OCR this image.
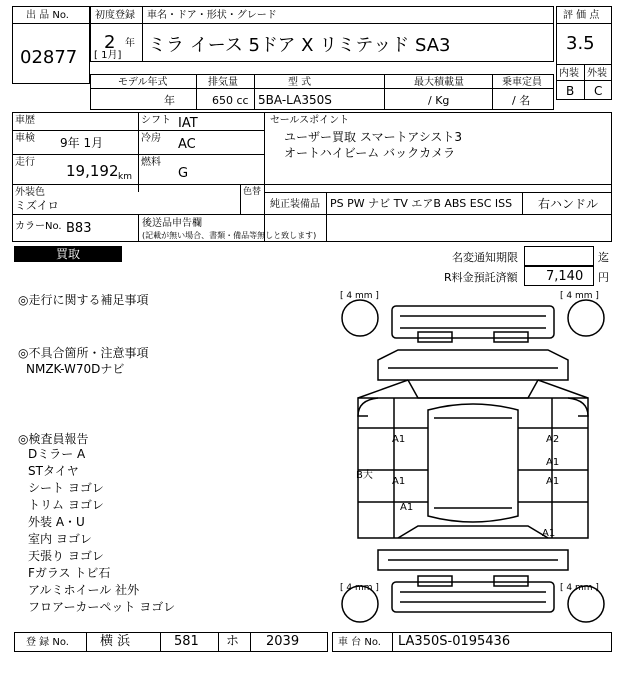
出 品 No.
02877
初度登録 車名・ドア・形状・グレード
2 年
[ 1月] ミラ イース 5ドア X リミテッド SA3
評 価 点
3.5
内装 外装
B C
モデル年式	排気量	型 式	最大積載量	乗車定員
年	650 cc 5BA-LA350S	/ Kg	/ 名
車歴	シフト IAT	セールスポイント
ユーザー買取 スマートアシスト3
オートハイビーム バックカメラ
車検 9年 1月	冷房 AC
走行 19,192 km
燃料
G
外装色
ミズイロ
色替
純正装備品 PS PW ナビ TV エアB ABS ESC ISS 右ハンドル
カラーNo. B83	後送品申告欄
(記載が無い場合、書類・備品等無しと致します)
買取	名変通知期限	迄
R料金預託済額 7,140 円
◎走行に関する補足事項
◎不具合箇所・注意事項
NMZK-W70Dナビ
◎検査員報告
Dミラー A
STタイヤ
シート ヨゴレ
トリム ヨゴレ
外装 A・U
室内 ヨゴレ
天張り ヨゴレ
Fガラス トビ石
アルミホイール 社外
フロアーカーペット ヨゴレ
[ 4 mm ]	[ 4 mm ]
[ 4 mm ]	[ 4 mm ]
A1	A2
A1
B大
A1	A1
A1
A1
登 録 No. 横 浜	581 ホ 2039	車 台 No. LA350S-0195436
